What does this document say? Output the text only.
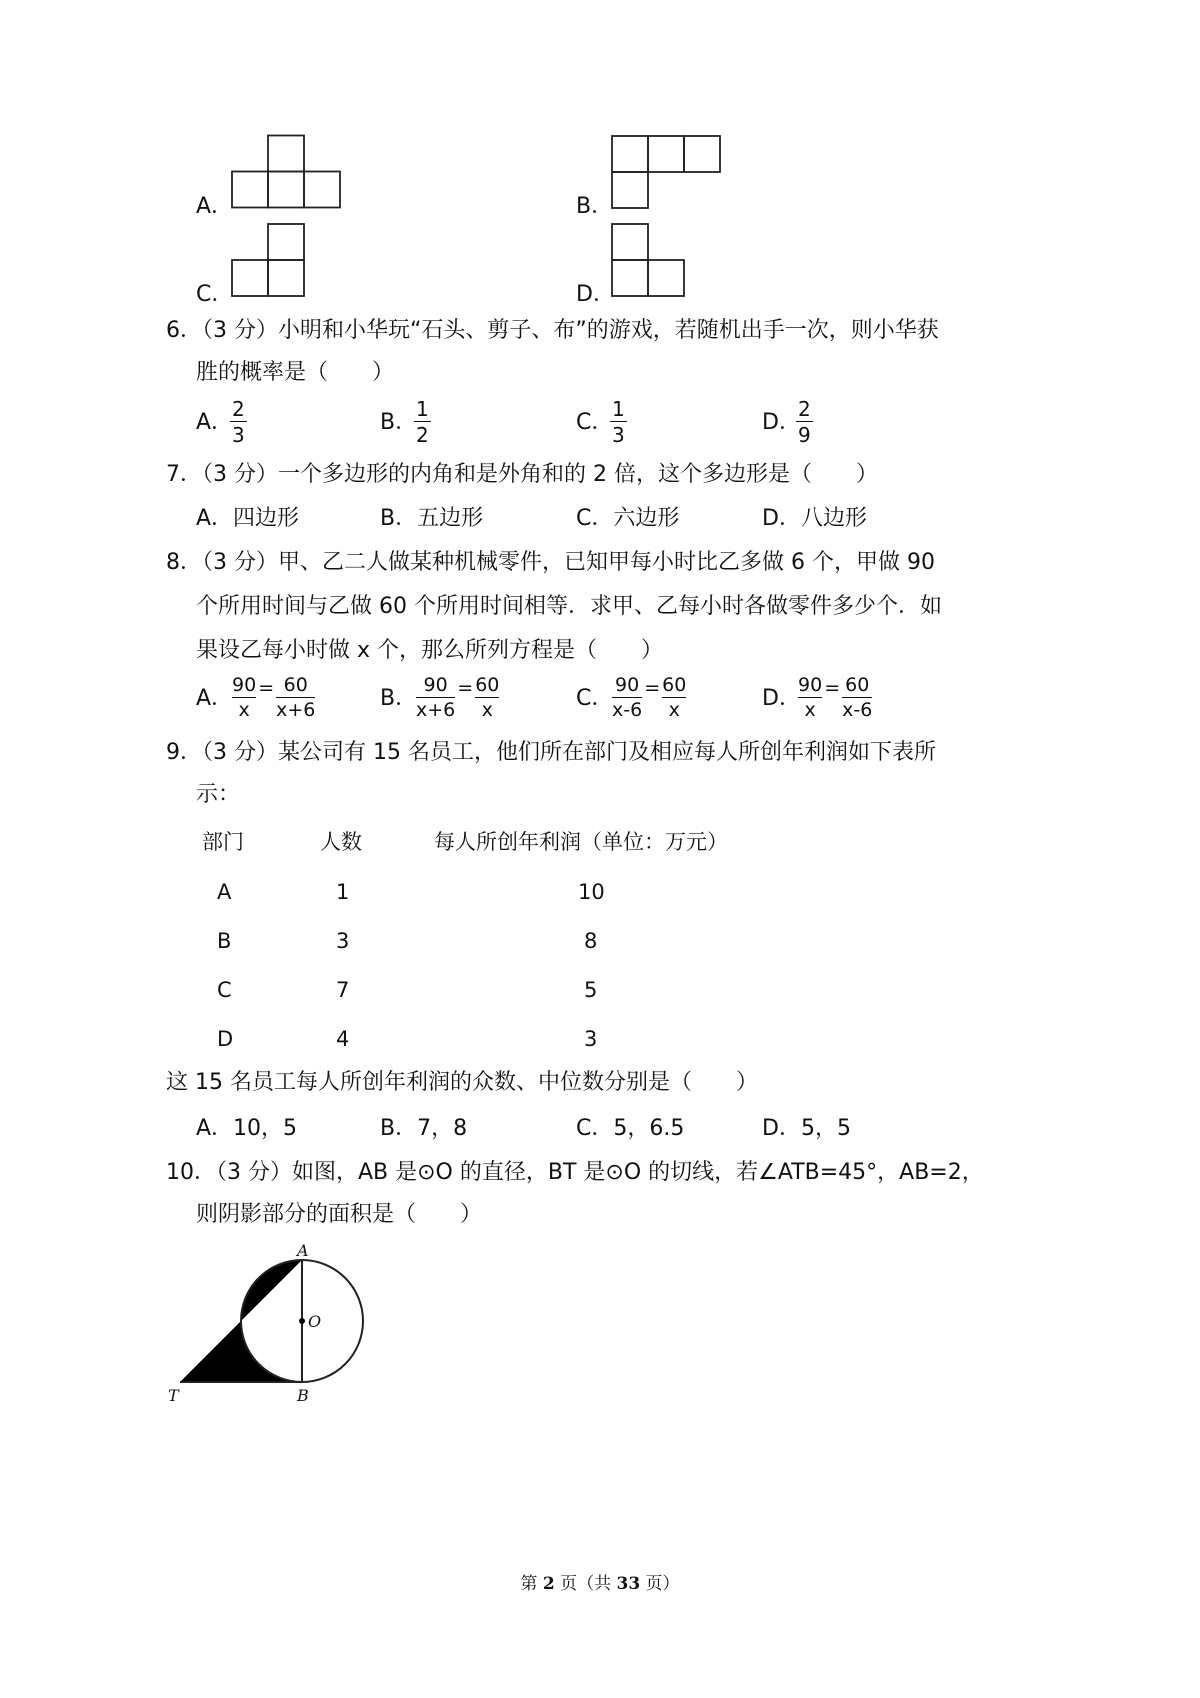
A．	B．
C．	D．
6．（3 分）小明和小华玩“石头、剪子、布”的游戏，若随机出手一次，则小华获
胜的概率是（　　）
A．
2
3	B．
1
2	C．
1
3	D．
2
9
7．（3 分）一个多边形的内角和是外角和的 2 倍，这个多边形是（　　）
A．四边形	B．五边形	C．六边形	D．八边形
8．（3 分）甲、乙二人做某种机械零件，已知甲每小时比乙多做 6 个，甲做 90
个所用时间与乙做 60 个所用时间相等．求甲、乙每小时各做零件多少个．如
果设乙每小时做 x 个，那么所列方程是（　　）
A．
90
x
= 60
x+6	B．
90
x+6
= 60
x	C．
90
x-6
= 60
x	D．
90
x
= 60
x-6
9．（3 分）某公司有 15 名员工，他们所在部门及相应每人所创年利润如下表所
示：
部门	人数	每人所创年利润（单位：万元）
A	1	10
B	3	8
C	7	5
D	4	3
这 15 名员工每人所创年利润的众数、中位数分别是（　　）
A．10，5	B．7，8	C．5，6.5	D．5，5
10．（3 分）如图，AB 是⊙O 的直径，BT 是⊙O 的切线，若∠ATB=45°，AB=2，
则阴影部分的面积是（　　）
A
O
B
T
第 2 页（共 33 页）
